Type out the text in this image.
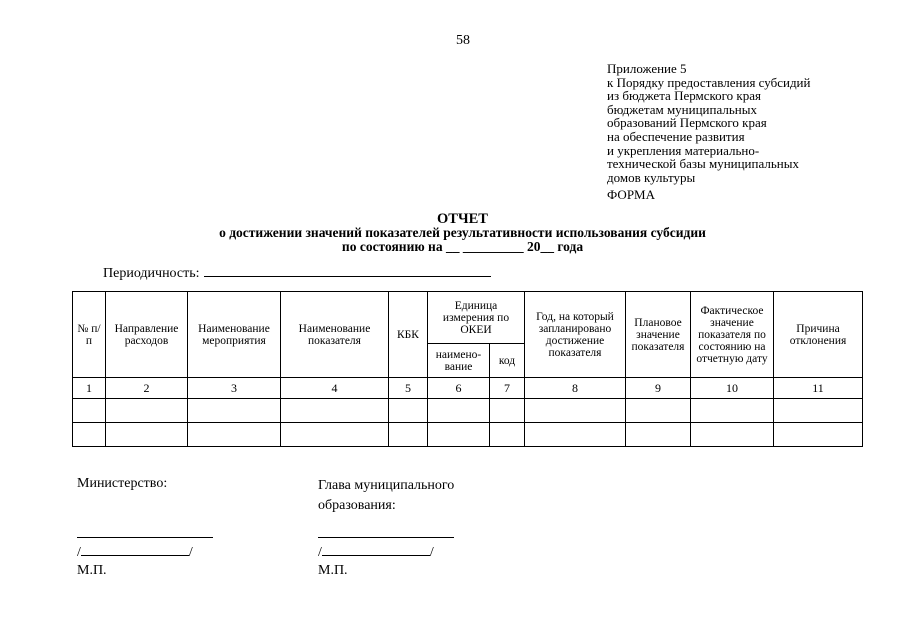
58
Приложение 5
к Порядку предоставления субсидий
из бюджета Пермского края
бюджетам муниципальных
образований Пермского края
на обеспечение развития
и укрепления материально-
технической базы муниципальных
домов культуры
ФОРМА
ОТЧЕТ
о достижении значений показателей результативности использования субсидии
по состоянию на __ _________ 20__ года
Периодичность:
№ п/п	Направление расходов	Наименование мероприятия	Наименование показателя	КБК	Единица измерения по ОКЕИ		Год, на который запланировано достижение показателя	Плановое значение показателя	Фактическое значение показателя по состоянию на отчетную дату	Причина отклонения
					наимено-вание	код				
1	2	3	4	5	6	7	8	9	10	11

Министерство:
/	/
М.П.
Глава муниципального
образования:
/	/
М.П.
